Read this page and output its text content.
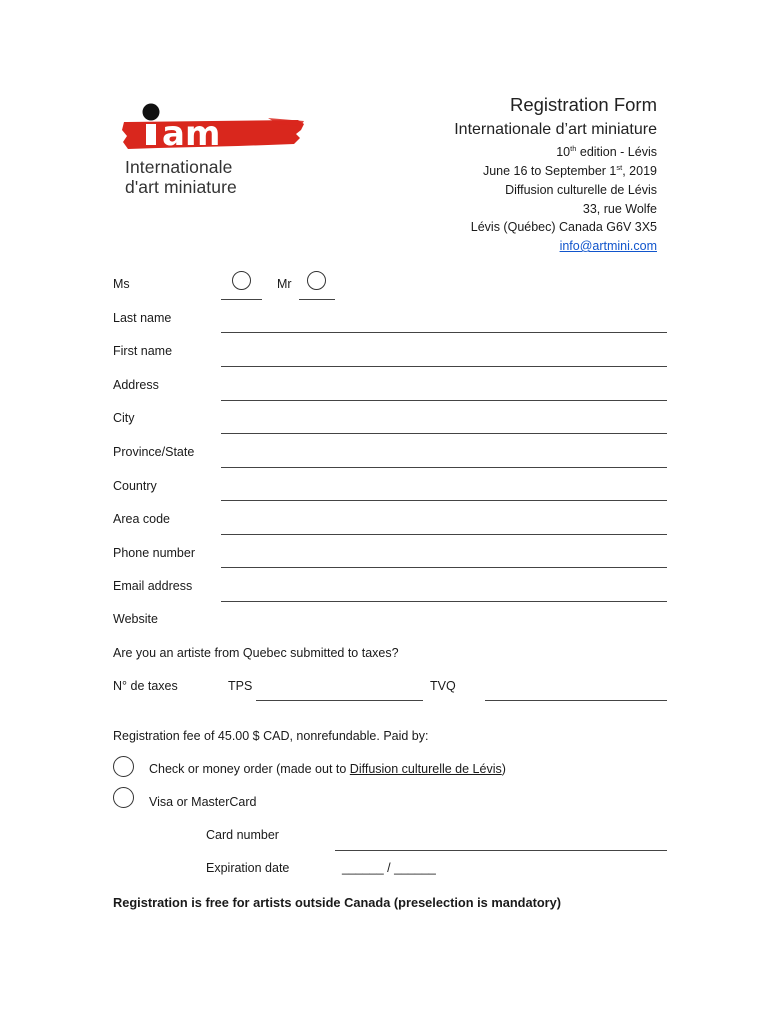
am
Internationale
d'art miniature
Registration Form
Internationale d’art miniature
10th edition - Lévis
June 16 to September 1st, 2019
Diffusion culturelle de Lévis
33, rue Wolfe
Lévis (Québec) Canada G6V 3X5
info@artmini.com
Ms	Mr
Last name
First name
Address
City
Province/State
Country
Area code
Phone number
Email address
Website
Are you an artiste from Quebec submitted to taxes?
N° de taxes	TPS	TVQ
Registration fee of 45.00 $ CAD, nonrefundable. Paid by:
Check or money order (made out to Diffusion culturelle de Lévis)
Visa or MasterCard
Card number
Expiration date	______ / ______
Registration is free for artists outside Canada (preselection is mandatory)
